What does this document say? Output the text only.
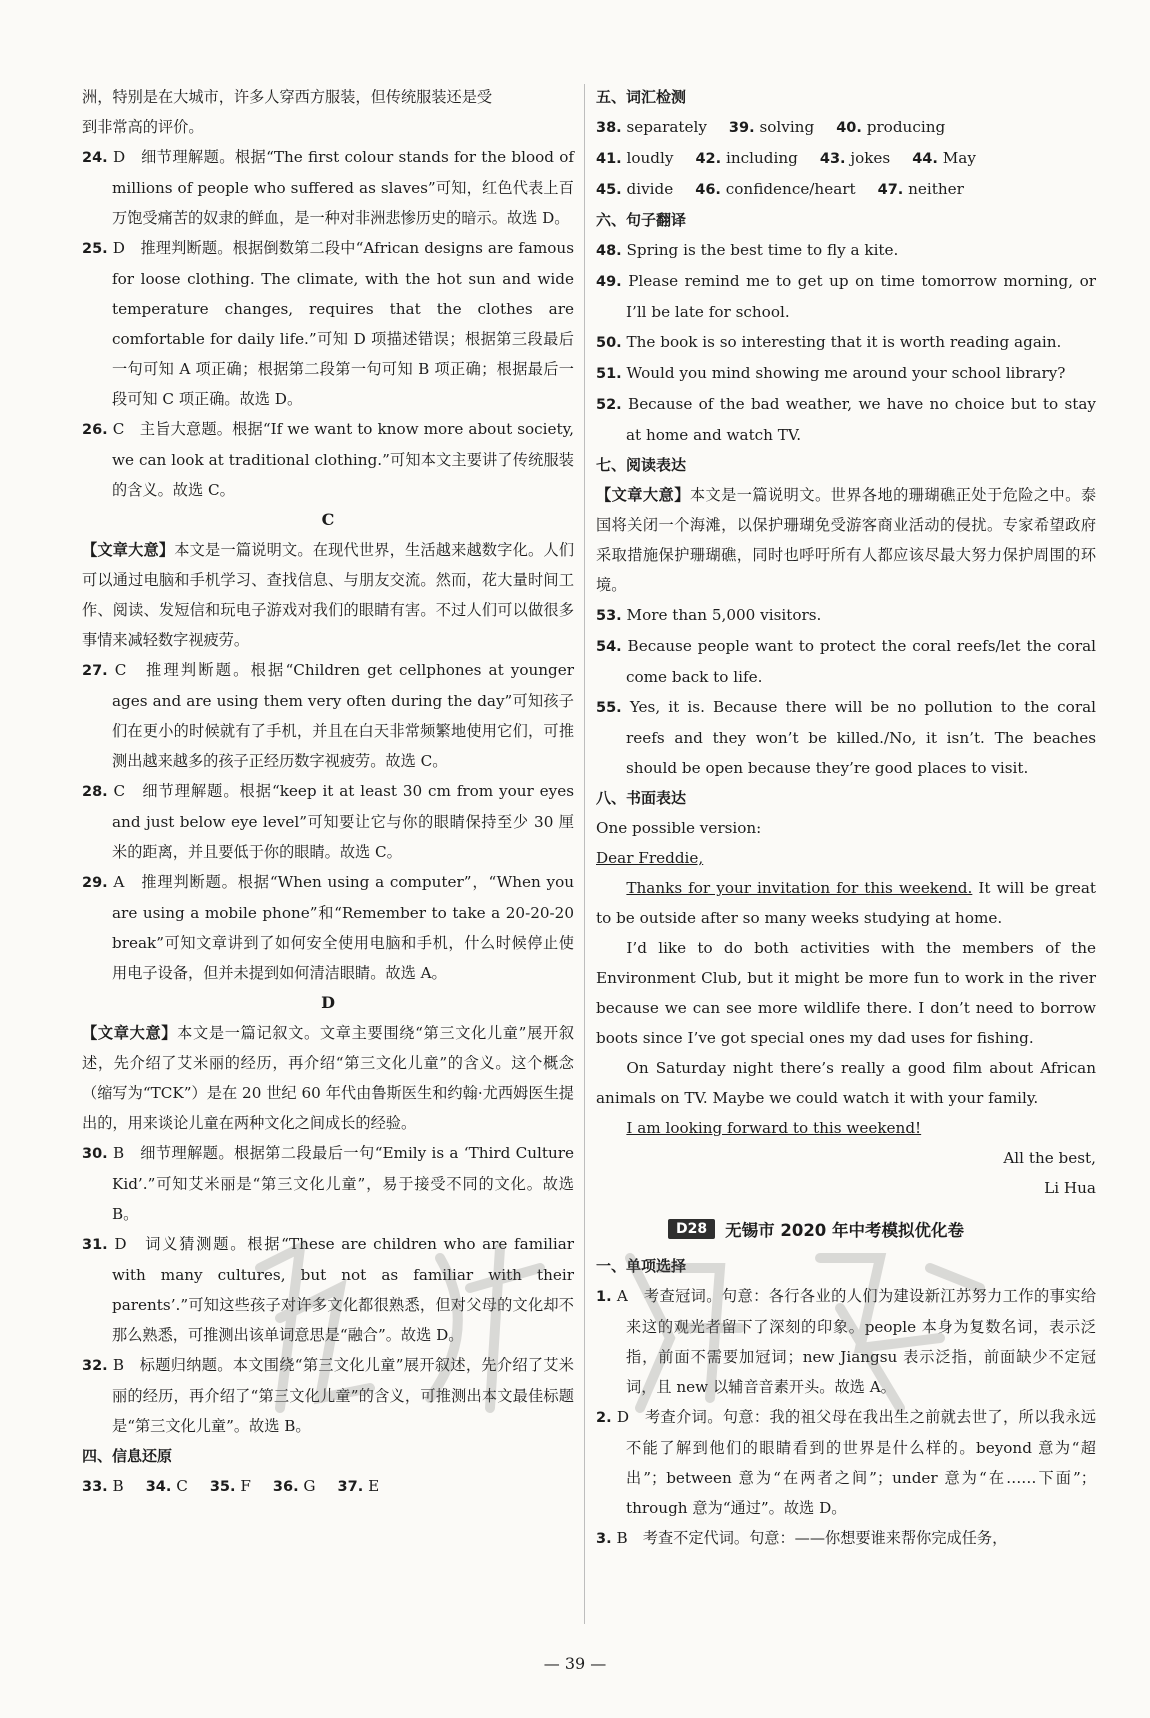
洲，特别是在大城市，许多人穿西方服装，但传统服装还是受

到非常高的评价。

24. D　细节理解题。根据“The first colour stands for the blood of millions of people who suffered as slaves”可知，红色代表上百万饱受痛苦的奴隶的鲜血，是一种对非洲悲惨历史的暗示。故选 D。

25. D　推理判断题。根据倒数第二段中“African designs are famous for loose clothing. The climate, with the hot sun and wide temperature changes, requires that the clothes are comfortable for daily life.”可知 D 项描述错误；根据第三段最后一句可知 A 项正确；根据第二段第一句可知 B 项正确；根据最后一段可知 C 项正确。故选 D。

26. C　主旨大意题。根据“If we want to know more about society, we can look at traditional clothing.”可知本文主要讲了传统服装的含义。故选 C。

C

【文章大意】本文是一篇说明文。在现代世界，生活越来越数字化。人们可以通过电脑和手机学习、查找信息、与朋友交流。然而，花大量时间工作、阅读、发短信和玩电子游戏对我们的眼睛有害。不过人们可以做很多事情来减轻数字视疲劳。

27. C　推理判断题。根据“Children get cellphones at younger ages and are using them very often during the day”可知孩子们在更小的时候就有了手机，并且在白天非常频繁地使用它们，可推测出越来越多的孩子正经历数字视疲劳。故选 C。

28. C　细节理解题。根据“keep it at least 30 cm from your eyes and just below eye level”可知要让它与你的眼睛保持至少 30 厘米的距离，并且要低于你的眼睛。故选 C。

29. A　推理判断题。根据“When using a computer”，“When you are using a mobile phone”和“Remember to take a 20-20-20 break”可知文章讲到了如何安全使用电脑和手机，什么时候停止使用电子设备，但并未提到如何清洁眼睛。故选 A。

D

【文章大意】本文是一篇记叙文。文章主要围绕“第三文化儿童”展开叙述，先介绍了艾米丽的经历，再介绍“第三文化儿童”的含义。这个概念（缩写为“TCK”）是在 20 世纪 60 年代由鲁斯医生和约翰·尤西姆医生提出的，用来谈论儿童在两种文化之间成长的经验。

30. B　细节理解题。根据第二段最后一句“Emily is a ‘Third Culture Kid’.”可知艾米丽是“第三文化儿童”，易于接受不同的文化。故选 B。

31. D　词义猜测题。根据“These are children who are familiar with many cultures, but not as familiar with their parents’.”可知这些孩子对许多文化都很熟悉，但对父母的文化却不那么熟悉，可推测出该单词意思是“融合”。故选 D。

32. B　标题归纳题。本文围绕“第三文化儿童”展开叙述，先介绍了艾米丽的经历，再介绍了“第三文化儿童”的含义，可推测出本文最佳标题是“第三文化儿童”。故选 B。

四、信息还原

33. B 34. C 35. F 36. G 37. E

五、词汇检测

38. separately 39. solving 40. producing

41. loudly 42. including 43. jokes 44. May

45. divide 46. confidence/heart 47. neither

六、句子翻译

48. Spring is the best time to fly a kite.

49. Please remind me to get up on time tomorrow morning, or I’ll be late for school.

50. The book is so interesting that it is worth reading again.

51. Would you mind showing me around your school library?

52. Because of the bad weather, we have no choice but to stay at home and watch TV.

七、阅读表达

【文章大意】本文是一篇说明文。世界各地的珊瑚礁正处于危险之中。泰国将关闭一个海滩，以保护珊瑚免受游客商业活动的侵扰。专家希望政府采取措施保护珊瑚礁，同时也呼吁所有人都应该尽最大努力保护周围的环境。

53. More than 5,000 visitors.

54. Because people want to protect the coral reefs/let the coral come back to life.

55. Yes, it is. Because there will be no pollution to the coral reefs and they won’t be killed./No, it isn’t. The beaches should be open because they’re good places to visit.

八、书面表达

One possible version:

Dear Freddie,

Thanks for your invitation for this weekend. It will be great to be outside after so many weeks studying at home.

I’d like to do both activities with the members of the Environment Club, but it might be more fun to work in the river because we can see more wildlife there. I don’t need to borrow boots since I’ve got special ones my dad uses for fishing.

On Saturday night there’s really a good film about African animals on TV. Maybe we could watch it with your family.

I am looking forward to this weekend!

All the best,

Li Hua

D28	无锡市 2020 年中考模拟优化卷

一、单项选择

1. A　考查冠词。句意：各行各业的人们为建设新江苏努力工作的事实给来这的观光者留下了深刻的印象。people 本身为复数名词，表示泛指，前面不需要加冠词；new Jiangsu 表示泛指，前面缺少不定冠词，且 new 以辅音音素开头。故选 A。

2. D　考查介词。句意：我的祖父母在我出生之前就去世了，所以我永远不能了解到他们的眼睛看到的世界是什么样的。beyond 意为“超出”；between 意为“在两者之间”；under 意为“在……下面”；through 意为“通过”。故选 D。

3. B　考查不定代词。句意：——你想要谁来帮你完成任务，

— 39 —
